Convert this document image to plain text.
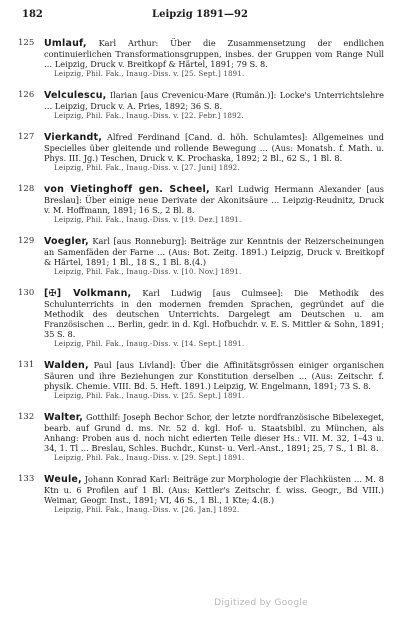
182	Leipzig 1891—92
125	Umlauf, Karl Arthur: Über die Zusammensetzung der endlichen continuierlichen Transformationsgruppen, insbes. der Gruppen vom Range Null … Leipzig, Druck v. Breitkopf & Härtel, 1891; 79 S. 8.
Leipzig, Phil. Fak., Inaug.-Diss. v. [25. Sept.] 1891.
126	Velculescu, Ilarian [aus Crevenicu-Mare (Rumän.)]: Locke's Unterrichtslehre … Leipzig, Druck v. A. Pries, 1892; 36 S. 8.
Leipzig, Phil. Fak., Inaug.-Diss. v. [22. Febr.] 1892.
127	Vierkandt, Alfred Ferdinand [Cand. d. höh. Schulamtes]: Allgemeines und Specielles über gleitende und rollende Bewegung … (Aus: Monatsh. f. Math. u. Phys. III. Jg.) Teschen, Druck v. K. Prochaska, 1892; 2 Bl., 62 S., 1 Bl. 8.
Leipzig, Phil. Fak., Inaug.-Diss. v. [27. Juni] 1892.
128	von Vietinghoff gen. Scheel, Karl Ludwig Hermann Alexander [aus Breslau]: Über einige neue Derivate der Akonitsäure … Leipzig-Reudnitz, Druck v. M. Hoffmann, 1891; 16 S., 2 Bl. 8.
Leipzig, Phil. Fak., Inaug.-Diss. v. [19. Dez.] 1891.
129	Voegler, Karl [aus Ronneburg]: Beiträge zur Kenntnis der Reizerscheinungen an Samenfäden der Farne … (Aus: Bot. Zeitg. 1891.) Leipzig, Druck v. Breitkopf & Härtel, 1891; 1 Bl., 18 S., 1 Bl. 8.(4.)
Leipzig, Phil. Fak., Inaug.-Diss. v. [10. Nov.] 1891.
130	[✠] Volkmann, Karl Ludwig [aus Culmsee]: Die Methodik des Schulunterrichts in den modernen fremden Sprachen, gegründet auf die Methodik des deutschen Unterrichts. Dargelegt am Deutschen u. am Französischen … Berlin, gedr. in d. Kgl. Hofbuchdr. v. E. S. Mittler & Sohn, 1891; 35 S. 8.
Leipzig, Phil. Fak., Inaug.-Diss. v. [14. Sept.] 1891.
131	Walden, Paul [aus Livland]: Über die Affinitätsgrössen einiger organischen Säuren und ihre Beziehungen zur Konstitution derselben … (Aus: Zeitschr. f. physik. Chemie. VIII. Bd. 5. Heft. 1891.) Leipzig, W. Engelmann, 1891; 73 S. 8.
Leipzig, Phil. Fak., Inaug.-Diss. v. [25. Sept.] 1891.
132	Walter, Gotthilf: Joseph Bechor Schor, der letzte nordfranzösische Bibelexeget, bearb. auf Grund d. ms. Nr. 52 d. kgl. Hof- u. Staatsbibl. zu München, als Anhang: Proben aus d. noch nicht edierten Teile dieser Hs.: VII. M. 32, 1–43 u. 34, 1. Tl … Breslau, Schles. Buchdr., Kunst- u. Verl.-Anst., 1891; 25, 7 S., 1 Bl. 8.
Leipzig, Phil. Fak., Inaug.-Diss. v. [29. Sept.] 1891.
133	Weule, Johann Konrad Karl: Beiträge zur Morphologie der Flachküsten … M. 8 Ktn u. 6 Profilen auf 1 Bl. (Aus: Kettler's Zeitschr. f. wiss. Geogr., Bd VIII.) Weimar, Geogr. Inst., 1891; VI, 46 S., 1 Bl., 1 Kte; 4.(8.)
Leipzig, Phil. Fak., Inaug.-Diss. v. [26. Jan.] 1892.
Digitized by Google
